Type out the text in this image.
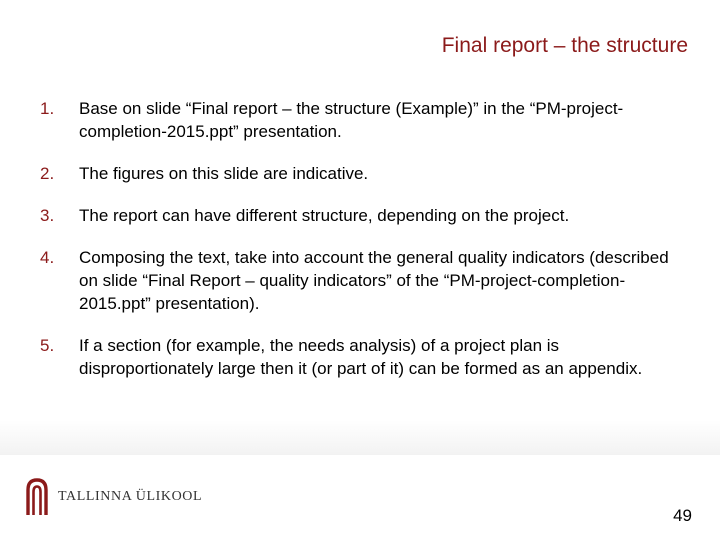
Final report – the structure
1.	Base on slide “Final report – the structure (Example)” in the “PM-project-completion-2015.ppt” presentation.
2.	The figures on this slide are indicative.
3.	The report can have different structure, depending on the project.
4.	Composing the text, take into account the general quality indicators (described on slide “Final Report – quality indicators” of the “PM-project-completion-2015.ppt” presentation).
5.	If a section (for example, the needs analysis) of a project plan is disproportionately large then it (or part of it) can be formed as an appendix.
TALLINNA ÜLIKOOL
49
